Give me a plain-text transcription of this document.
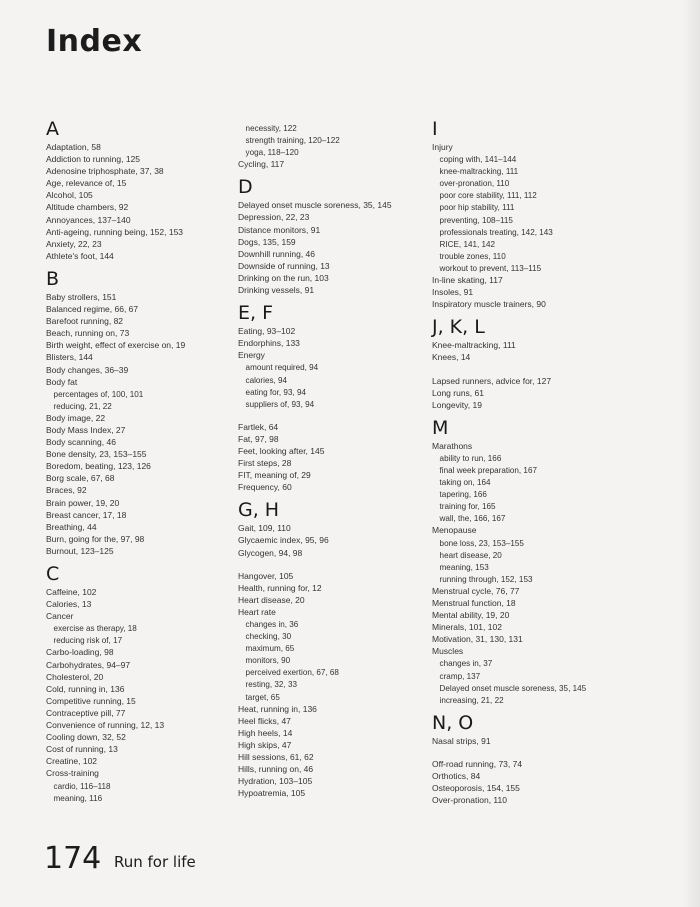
Index
A
Adaptation, 58
Addiction to running, 125
Adenosine triphosphate, 37, 38
Age, relevance of, 15
Alcohol, 105
Altitude chambers, 92
Annoyances, 137–140
Anti-ageing, running being, 152, 153
Anxiety, 22, 23
Athlete's foot, 144
B
Baby strollers, 151
Balanced regime, 66, 67
Barefoot running, 82
Beach, running on, 73
Birth weight, effect of exercise on, 19
Blisters, 144
Body changes, 36–39
Body fat
percentages of, 100, 101
reducing, 21, 22
Body image, 22
Body Mass Index, 27
Body scanning, 46
Bone density, 23, 153–155
Boredom, beating, 123, 126
Borg scale, 67, 68
Braces, 92
Brain power, 19, 20
Breast cancer, 17, 18
Breathing, 44
Burn, going for the, 97, 98
Burnout, 123–125
C
Caffeine, 102
Calories, 13
Cancer
exercise as therapy, 18
reducing risk of, 17
Carbo-loading, 98
Carbohydrates, 94–97
Cholesterol, 20
Cold, running in, 136
Competitive running, 15
Contraceptive pill, 77
Convenience of running, 12, 13
Cooling down, 32, 52
Cost of running, 13
Creatine, 102
Cross-training
cardio, 116–118
meaning, 116
necessity, 122
strength training, 120–122
yoga, 118–120
Cycling, 117
D
Delayed onset muscle soreness, 35, 145
Depression, 22, 23
Distance monitors, 91
Dogs, 135, 159
Downhill running, 46
Downside of running, 13
Drinking on the run, 103
Drinking vessels, 91
E, F
Eating, 93–102
Endorphins, 133
Energy
amount required, 94
calories, 94
eating for, 93, 94
suppliers of, 93, 94
Fartlek, 64
Fat, 97, 98
Feet, looking after, 145
First steps, 28
FIT, meaning of, 29
Frequency, 60
G, H
Gait, 109, 110
Glycaemic index, 95, 96
Glycogen, 94, 98
Hangover, 105
Health, running for, 12
Heart disease, 20
Heart rate
changes in, 36
checking, 30
maximum, 65
monitors, 90
perceived exertion, 67, 68
resting, 32, 33
target, 65
Heat, running in, 136
Heel flicks, 47
High heels, 14
High skips, 47
Hill sessions, 61, 62
Hills, running on, 46
Hydration, 103–105
Hypoatremia, 105
I
Injury
coping with, 141–144
knee-maltracking, 111
over-pronation, 110
poor core stability, 111, 112
poor hip stability, 111
preventing, 108–115
professionals treating, 142, 143
RICE, 141, 142
trouble zones, 110
workout to prevent, 113–115
In-line skating, 117
Insoles, 91
Inspiratory muscle trainers, 90
J, K, L
Knee-maltracking, 111
Knees, 14
Lapsed runners, advice for, 127
Long runs, 61
Longevity, 19
M
Marathons
ability to run, 166
final week preparation, 167
taking on, 164
tapering, 166
training for, 165
wall, the, 166, 167
Menopause
bone loss, 23, 153–155
heart disease, 20
meaning, 153
running through, 152, 153
Menstrual cycle, 76, 77
Menstrual function, 18
Mental ability, 19, 20
Minerals, 101, 102
Motivation, 31, 130, 131
Muscles
changes in, 37
cramp, 137
Delayed onset muscle soreness, 35, 145
increasing, 21, 22
N, O
Nasal strips, 91
Off-road running, 73, 74
Orthotics, 84
Osteoporosis, 154, 155
Over-pronation, 110
174 Run for life
